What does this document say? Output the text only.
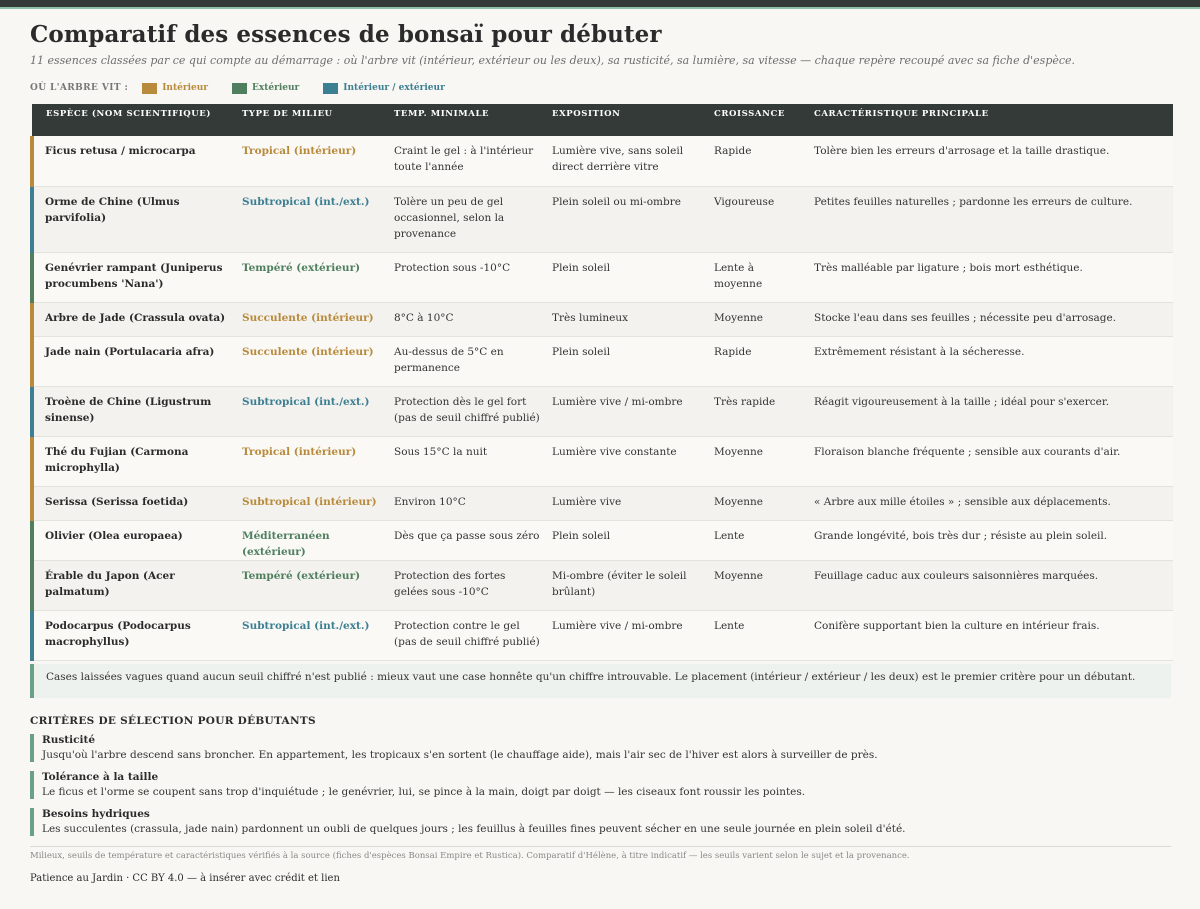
Comparatif des essences de bonsaï pour débuter
11 essences classées par ce qui compte au démarrage : où l'arbre vit (intérieur, extérieur ou les deux), sa rusticité, sa lumière, sa vitesse — chaque repère recoupé avec sa fiche d'espèce.
OÙ L'ARBRE VIT :	Intérieur	Extérieur	Intérieur / extérieur
ESPÈCE (NOM SCIENTIFIQUE)	TYPE DE MILIEU	TEMP. MINIMALE	EXPOSITION	CROISSANCE	CARACTÉRISTIQUE PRINCIPALE
Ficus retusa / microcarpa	Tropical (intérieur)	Craint le gel : à l'intérieur toute l'année	Lumière vive, sans soleil direct derrière vitre	Rapide	Tolère bien les erreurs d'arrosage et la taille drastique.
Orme de Chine (Ulmus parvifolia)	Subtropical (int./ext.)	Tolère un peu de gel occasionnel, selon la provenance	Plein soleil ou mi-ombre	Vigoureuse	Petites feuilles naturelles ; pardonne les erreurs de culture.
Genévrier rampant (Juniperus procumbens 'Nana')	Tempéré (extérieur)	Protection sous -10°C	Plein soleil	Lente à moyenne	Très malléable par ligature ; bois mort esthétique.
Arbre de Jade (Crassula ovata)	Succulente (intérieur)	8°C à 10°C	Très lumineux	Moyenne	Stocke l'eau dans ses feuilles ; nécessite peu d'arrosage.
Jade nain (Portulacaria afra)	Succulente (intérieur)	Au-dessus de 5°C en permanence	Plein soleil	Rapide	Extrêmement résistant à la sécheresse.
Troène de Chine (Ligustrum sinense)	Subtropical (int./ext.)	Protection dès le gel fort (pas de seuil chiffré publié)	Lumière vive / mi-ombre	Très rapide	Réagit vigoureusement à la taille ; idéal pour s'exercer.
Thé du Fujian (Carmona microphylla)	Tropical (intérieur)	Sous 15°C la nuit	Lumière vive constante	Moyenne	Floraison blanche fréquente ; sensible aux courants d'air.
Serissa (Serissa foetida)	Subtropical (intérieur)	Environ 10°C	Lumière vive	Moyenne	« Arbre aux mille étoiles » ; sensible aux déplacements.
Olivier (Olea europaea)	Méditerranéen (extérieur)	Dès que ça passe sous zéro	Plein soleil	Lente	Grande longévité, bois très dur ; résiste au plein soleil.
Érable du Japon (Acer palmatum)	Tempéré (extérieur)	Protection des fortes gelées sous -10°C	Mi-ombre (éviter le soleil brûlant)	Moyenne	Feuillage caduc aux couleurs saisonnières marquées.
Podocarpus (Podocarpus macrophyllus)	Subtropical (int./ext.)	Protection contre le gel (pas de seuil chiffré publié)	Lumière vive / mi-ombre	Lente	Conifère supportant bien la culture en intérieur frais.
Cases laissées vagues quand aucun seuil chiffré n'est publié : mieux vaut une case honnête qu'un chiffre introuvable. Le placement (intérieur / extérieur / les deux) est le premier critère pour un débutant.
CRITÈRES DE SÉLECTION POUR DÉBUTANTS
Rusticité
Jusqu'où l'arbre descend sans broncher. En appartement, les tropicaux s'en sortent (le chauffage aide), mais l'air sec de l'hiver est alors à surveiller de près.
Tolérance à la taille
Le ficus et l'orme se coupent sans trop d'inquiétude ; le genévrier, lui, se pince à la main, doigt par doigt — les ciseaux font roussir les pointes.
Besoins hydriques
Les succulentes (crassula, jade nain) pardonnent un oubli de quelques jours ; les feuillus à feuilles fines peuvent sécher en une seule journée en plein soleil d'été.
Milieux, seuils de température et caractéristiques vérifiés à la source (fiches d'espèces Bonsai Empire et Rustica). Comparatif d'Hélène, à titre indicatif — les seuils varient selon le sujet et la provenance.
Patience au Jardin · CC BY 4.0 — à insérer avec crédit et lien
